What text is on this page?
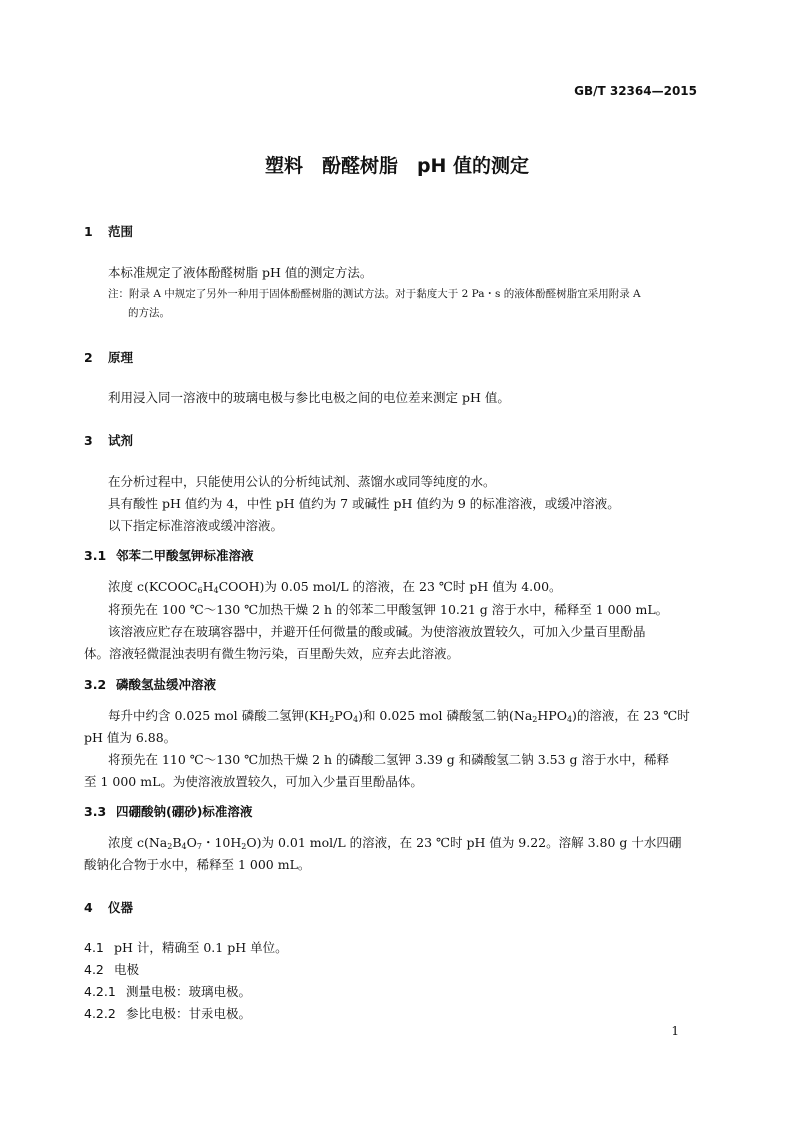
GB/T 32364—2015
塑料　酚醛树脂　pH 值的测定
1 范围
本标准规定了液体酚醛树脂 pH 值的测定方法。
注：附录 A 中规定了另外一种用于固体酚醛树脂的测试方法。对于黏度大于 2 Pa・s 的液体酚醛树脂宜采用附录 A
的方法。
2 原理
利用浸入同一溶液中的玻璃电极与参比电极之间的电位差来测定 pH 值。
3 试剂
在分析过程中，只能使用公认的分析纯试剂、蒸馏水或同等纯度的水。
具有酸性 pH 值约为 4，中性 pH 值约为 7 或碱性 pH 值约为 9 的标准溶液，或缓冲溶液。
以下指定标准溶液或缓冲溶液。
3.1 邻苯二甲酸氢钾标准溶液
浓度 $c(KCOOC_6H_4COOH)$为 0.05 mol/L 的溶液，在 23 ℃时 pH 值为 4.00。
将预先在 100 ℃～130 ℃加热干燥 2 h 的邻苯二甲酸氢钾 10.21 g 溶于水中，稀释至 1 000 mL。
该溶液应贮存在玻璃容器中，并避开任何微量的酸或碱。为使溶液放置较久，可加入少量百里酚晶
体。溶液轻微混浊表明有微生物污染，百里酚失效，应弃去此溶液。
3.2 磷酸氢盐缓冲溶液
每升中约含 0.025 mol 磷酸二氢钾$(KH_2PO_4)$和 0.025 mol 磷酸氢二钠$(Na_2HPO_4)$的溶液，在 23 ℃时
pH 值为 6.88。
将预先在 110 ℃～130 ℃加热干燥 2 h 的磷酸二氢钾 3.39 g 和磷酸氢二钠 3.53 g 溶于水中，稀释
至 1 000 mL。为使溶液放置较久，可加入少量百里酚晶体。
3.3 四硼酸钠(硼砂)标准溶液
浓度 $c(Na_2B_4O_7$・$10H_2O$)为 0.01 mol/L 的溶液，在 23 ℃时 pH 值为 9.22。溶解 3.80 g 十水四硼
酸钠化合物于水中，稀释至 1 000 mL。
4 仪器
4.1 pH 计，精确至 0.1 pH 单位。
4.2 电极
4.2.1 测量电极：玻璃电极。
4.2.2 参比电极：甘汞电极。
1
